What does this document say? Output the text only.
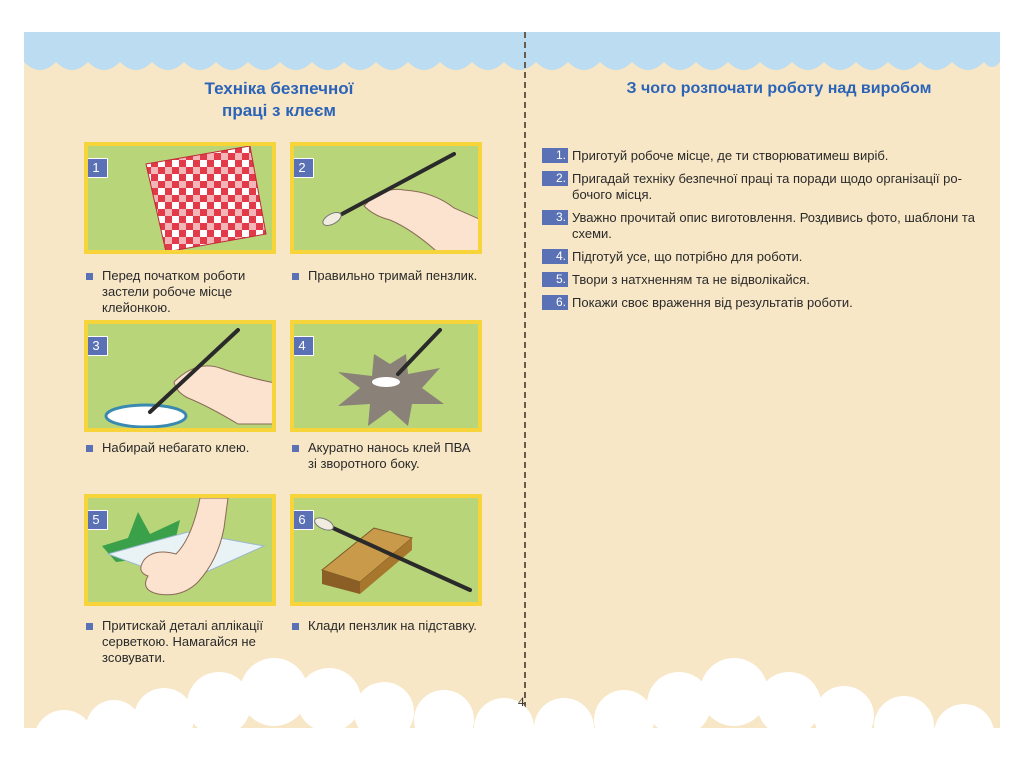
Техніка безпечної
праці з клеєм
1
Перед початком роботи застели робоче місце клейонкою.
2
Правильно тримай пензлик.
3
Набирай небагато клею.
4
Акуратно нанось клей ПВА зі зворотного боку.
5
Притискай деталі аплікації серветкою. Намагайся не зсовувати.
6
Клади пензлик на підставку.
З чого розпочати роботу над виробом
1. Приготуй робоче місце, де ти створюватимеш виріб.
2. Пригадай техніку безпечної праці та поради щодо організації робочого місця.
3. Уважно прочитай опис виготовлення. Роздивись фото, шаблони та схеми.
4. Підготуй усе, що потрібно для роботи.
5. Твори з натхненням та не відволікайся.
6. Покажи своє враження від результатів роботи.
4
